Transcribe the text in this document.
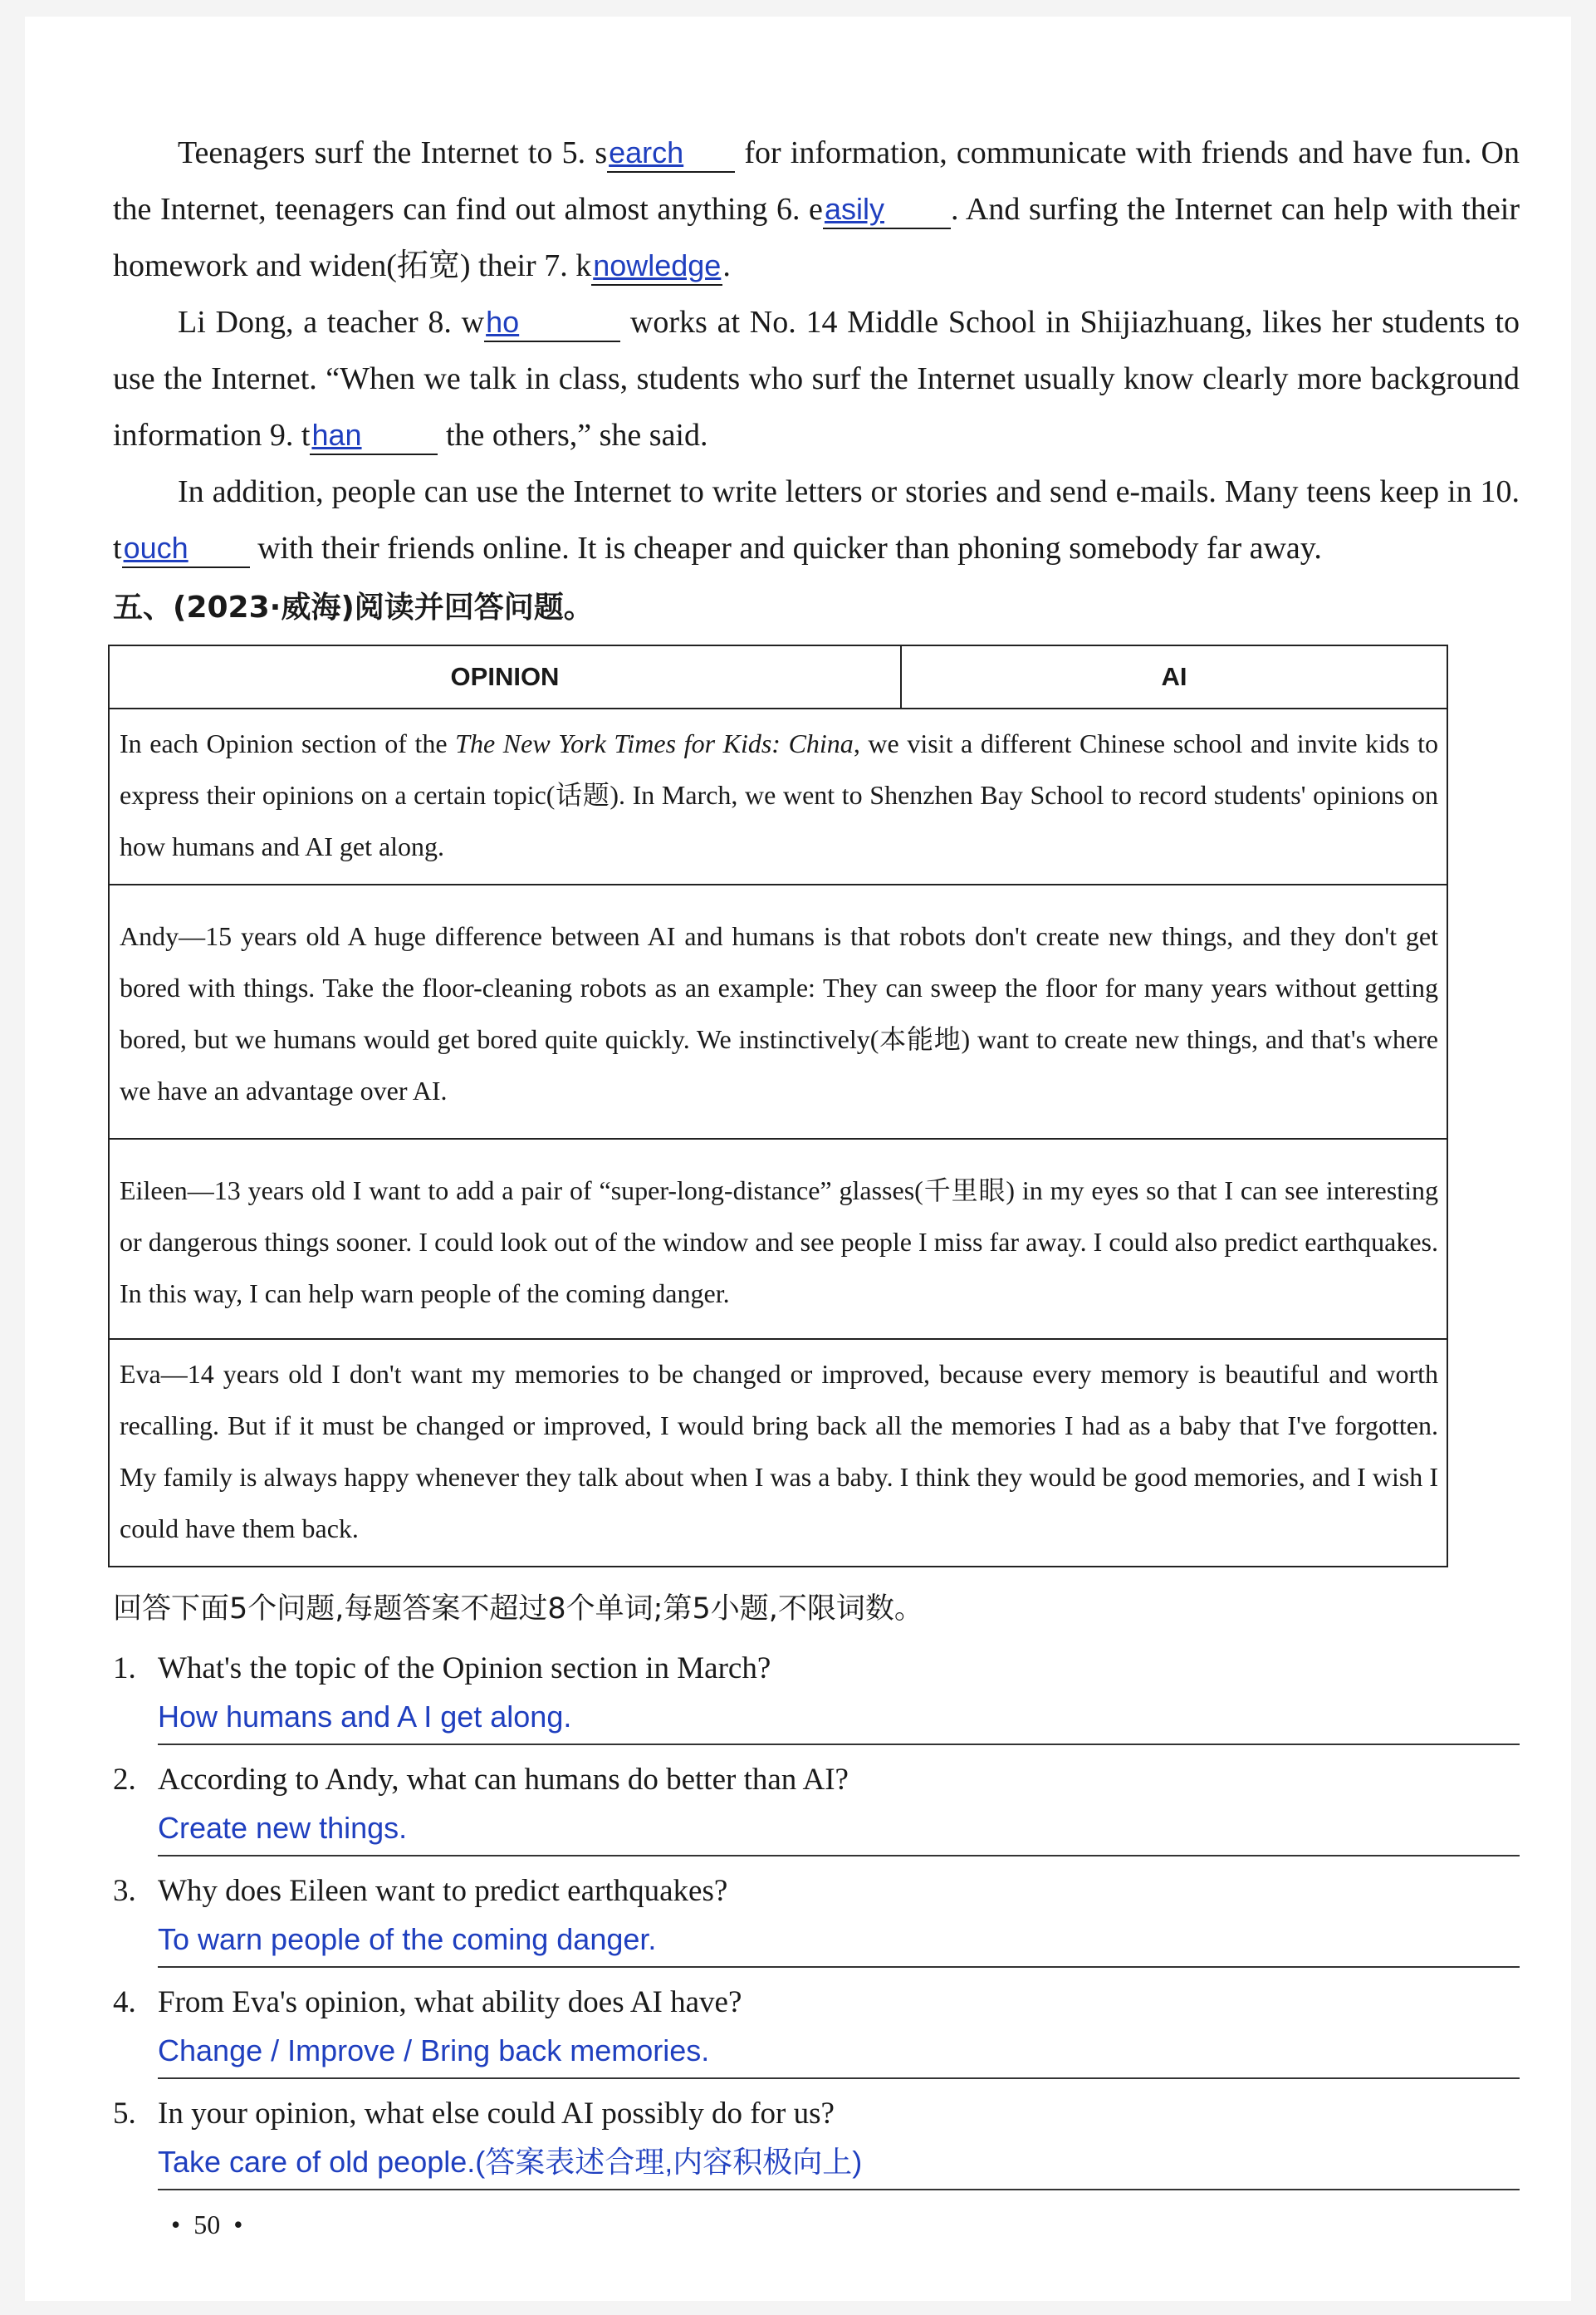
Teenagers surf the Internet to 5. search for information, communicate with friends and have fun. On the Internet, teenagers can find out almost anything 6. easily . And surfing the Internet can help with their homework and widen(拓宽) their 7. knowledge.

Li Dong, a teacher 8. who	works at No. 14 Middle School in Shijiazhuang, likes her students to use the Internet. “When we talk in class, students who surf the Internet usually know clearly more background information 9. than the others,” she said.

In addition, people can use the Internet to write letters or stories and send e-mails. Many teens keep in 10. touch with their friends online. It is cheaper and quicker than phoning somebody far away.

五、(2023·威海)阅读并回答问题。
OPINION	AI
In each Opinion section of the The New York Times for Kids: China, we visit a different Chinese school and invite kids to express their opinions on a certain topic(话题). In March, we went to Shenzhen Bay School to record students' opinions on how humans and AI get along.
Andy—15 years old A huge difference between AI and humans is that robots don't create new things, and they don't get bored with things. Take the floor-cleaning robots as an example: They can sweep the floor for many years without getting bored, but we humans would get bored quite quickly. We instinctively(本能地) want to create new things, and that's where we have an advantage over AI.
Eileen—13 years old I want to add a pair of “super-long-distance” glasses(千里眼) in my eyes so that I can see interesting or dangerous things sooner. I could look out of the window and see people I miss far away. I could also predict earthquakes. In this way, I can help warn people of the coming danger.
Eva—14 years old I don't want my memories to be changed or improved, because every memory is beautiful and worth recalling. But if it must be changed or improved, I would bring back all the memories I had as a baby that I've forgotten. My family is always happy whenever they talk about when I was a baby. I think they would be good memories, and I wish I could have them back.
回答下面5个问题,每题答案不超过8个单词;第5小题,不限词数。
1. What's the topic of the Opinion section in March?
How humans and A I get along.
2. According to Andy, what can humans do better than AI?
Create new things.
3. Why does Eileen want to predict earthquakes?
To warn people of the coming danger.
4. From Eva's opinion, what ability does AI have?
Change / Improve / Bring back memories.
5. In your opinion, what else could AI possibly do for us?
Take care of old people.(答案表述合理,内容积极向上)
• 50 •
